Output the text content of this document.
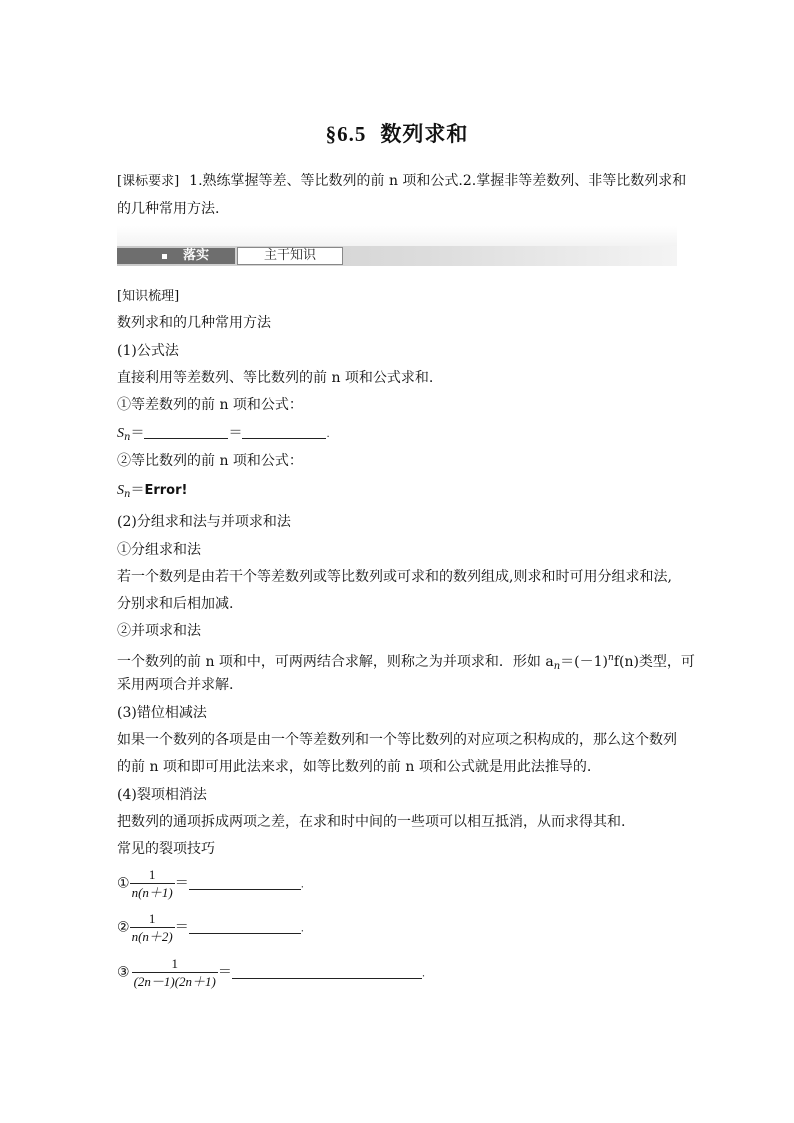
§6.5 数列求和
[课标要求] 1.熟练掌握等差、等比数列的前 n 项和公式.2.掌握非等差数列、非等比数列求和
的几种常用方法.
落实	主干知识
[知识梳理]
数列求和的几种常用方法
(1)公式法
直接利用等差数列、等比数列的前 n 项和公式求和.
①等差数列的前 n 项和公式：
$S_n=$	＝	.
②等比数列的前 n 项和公式：
$S_n=Error$!
(2)分组求和法与并项求和法
①分组求和法
若一个数列是由若干个等差数列或等比数列或可求和的数列组成,则求和时可用分组求和法,
分别求和后相加减.
②并项求和法
一个数列的前 n 项和中，可两两结合求解，则称之为并项求和．形如 $a_n=(-1)^nf(n)$类型，可
采用两项合并求解.
(3)错位相减法
如果一个数列的各项是由一个等差数列和一个等比数列的对应项之积构成的，那么这个数列
的前 n 项和即可用此法来求，如等比数列的前 n 项和公式就是用此法推导的.
(4)裂项相消法
把数列的通项拆成两项之差，在求和时中间的一些项可以相互抵消，从而求得其和.
常见的裂项技巧
① $\frac{1}{n(n+1)}$ ＝	.
② $\frac{1}{n(n+2)}$ ＝	.
③ $\frac{1}{(2n-1)(2n+1)}$ ＝	.
